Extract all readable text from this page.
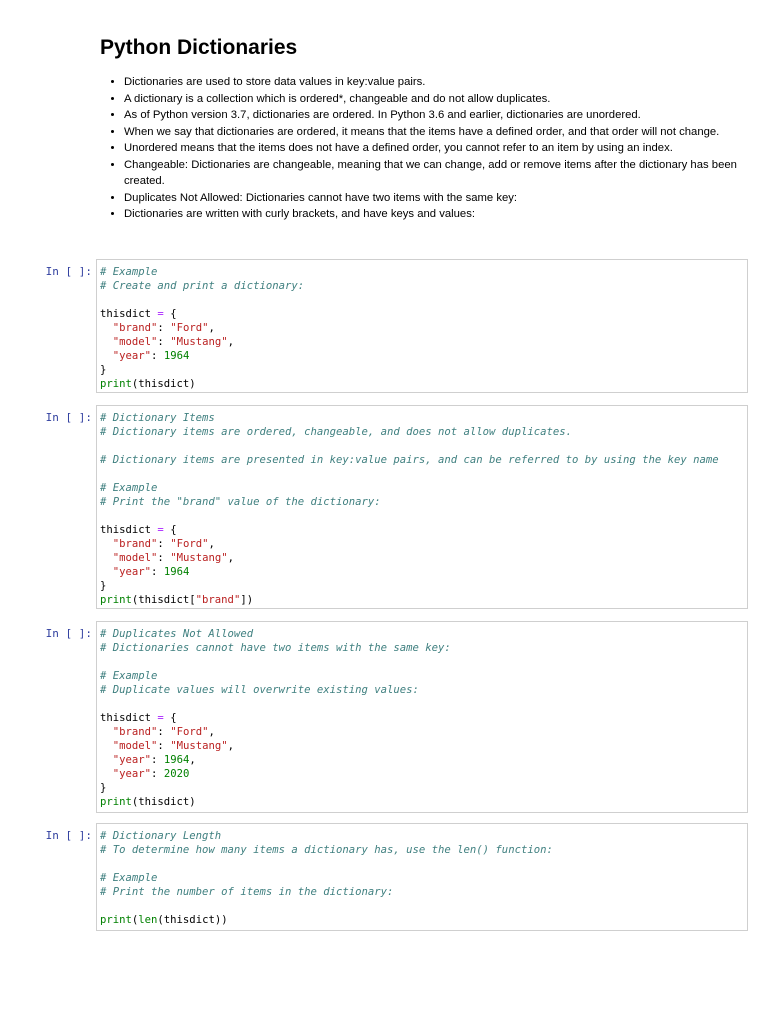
Python Dictionaries
• Dictionaries are used to store data values in key:value pairs.
• A dictionary is a collection which is ordered*, changeable and do not allow duplicates.
• As of Python version 3.7, dictionaries are ordered. In Python 3.6 and earlier, dictionaries are unordered.
• When we say that dictionaries are ordered, it means that the items have a defined order, and that order will not change.
• Unordered means that the items does not have a defined order, you cannot refer to an item by using an index.
• Changeable: Dictionaries are changeable, meaning that we can change, add or remove items after the dictionary has been created.
• Duplicates Not Allowed: Dictionaries cannot have two items with the same key:
• Dictionaries are written with curly brackets, and have keys and values:
In [ ]: # Example
# Create and print a dictionary:

thisdict = {
"brand": "Ford",
"model": "Mustang",
"year": 1964
}
print(thisdict)
In [ ]: # Dictionary Items
# Dictionary items are ordered, changeable, and does not allow duplicates.

# Dictionary items are presented in key:value pairs, and can be referred to by using the key name

# Example
# Print the "brand" value of the dictionary:

thisdict = {
"brand": "Ford",
"model": "Mustang",
"year": 1964
}
print(thisdict["brand"])
In [ ]: # Duplicates Not Allowed
# Dictionaries cannot have two items with the same key:

# Example
# Duplicate values will overwrite existing values:

thisdict = {
"brand": "Ford",
"model": "Mustang",
"year": 1964,
"year": 2020
}
print(thisdict)
In [ ]: # Dictionary Length
# To determine how many items a dictionary has, use the len() function:

# Example
# Print the number of items in the dictionary:

print(len(thisdict))
